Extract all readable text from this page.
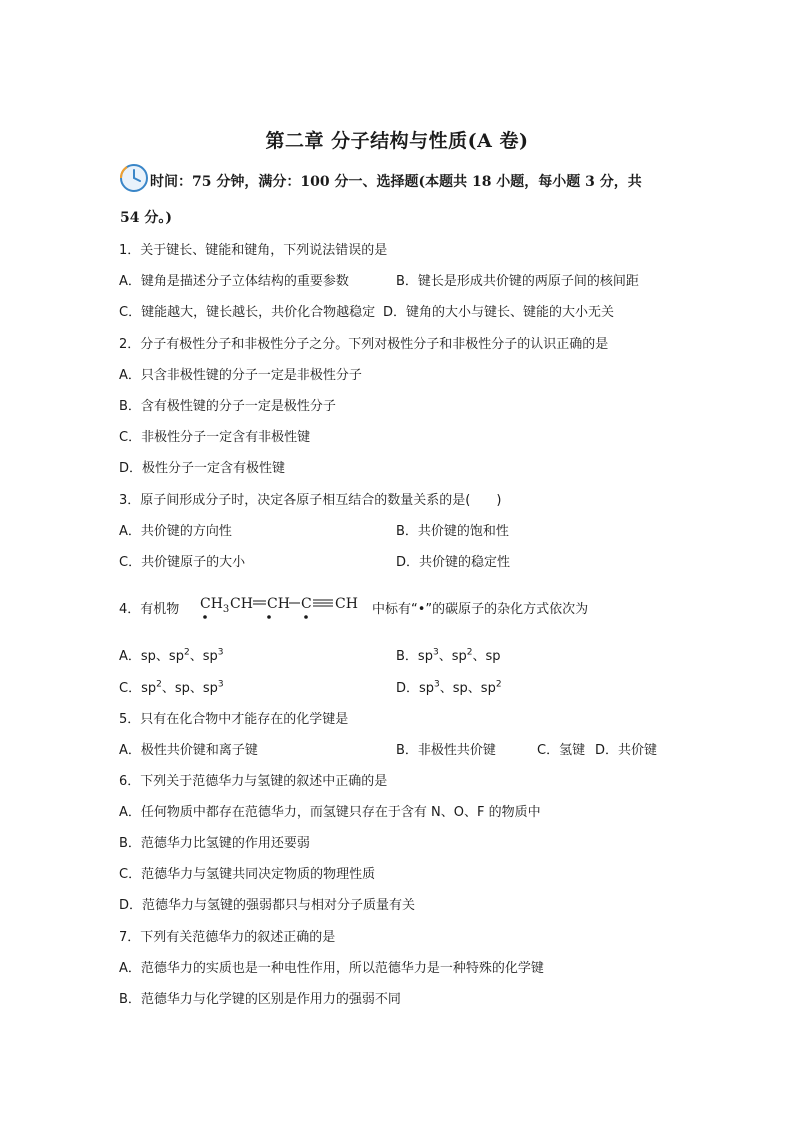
第二章 分子结构与性质(A 卷)
时间：75 分钟，满分：100 分一、选择题(本题共 18 小题，每小题 3 分，共
54 分。)
1．关于键长、键能和键角，下列说法错误的是
A．键角是描述分子立体结构的重要参数	B．键长是形成共价键的两原子间的核间距
C．键能越大，键长越长，共价化合物越稳定 D．键角的大小与键长、键能的大小无关
2．分子有极性分子和非极性分子之分。下列对极性分子和非极性分子的认识正确的是
A．只含非极性键的分子一定是非极性分子
B．含有极性键的分子一定是极性分子
C．非极性分子一定含有非极性键
D．极性分子一定含有极性键
3．原子间形成分子时，决定各原子相互结合的数量关系的是(　　)
A．共价键的方向性	B．共价键的饱和性
C．共价键原子的大小	D．共价键的稳定性
4．有机物 $CH_3$ CH CH C CH 中标有“•”的碳原子的杂化方式依次为
A．sp、$sp^2$、$sp^3$	B．$sp^3$、$sp^2$、sp
C．$sp^2$、sp、$sp^3$	D．$sp^3$、sp、$sp^2$
5．只有在化合物中才能存在的化学键是
A．极性共价键和离子键	B．非极性共价键	C．氢键 D．共价键
6．下列关于范德华力与氢键的叙述中正确的是
A．任何物质中都存在范德华力，而氢键只存在于含有 N、O、F 的物质中
B．范德华力比氢键的作用还要弱
C．范德华力与氢键共同决定物质的物理性质
D．范德华力与氢键的强弱都只与相对分子质量有关
7．下列有关范德华力的叙述正确的是
A．范德华力的实质也是一种电性作用，所以范德华力是一种特殊的化学键
B．范德华力与化学键的区别是作用力的强弱不同
